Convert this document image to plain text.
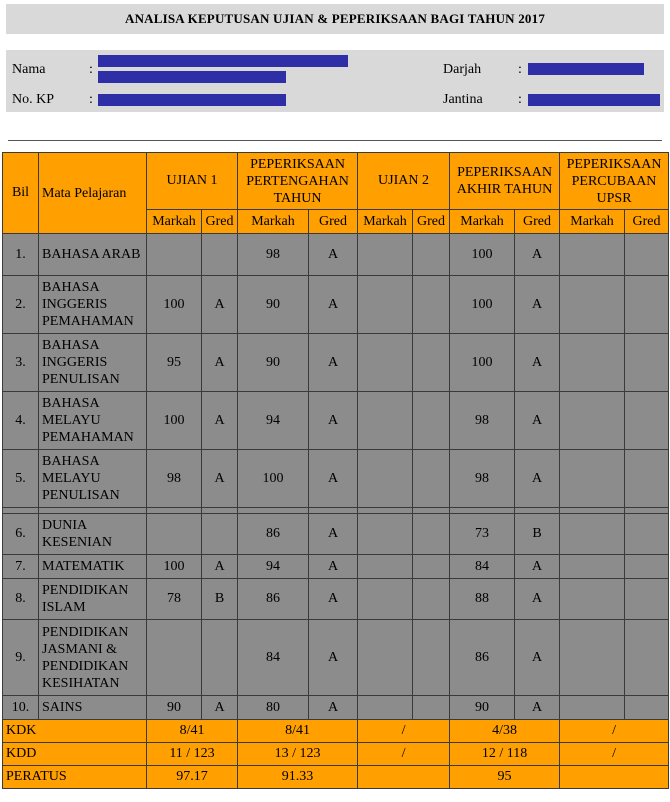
ANALISA KEPUTUSAN UJIAN & PEPERIKSAAN BAGI TAHUN 2017
Nama	:
No. KP :
Darjah	:
Jantina	:
Bil	Mata Pelajaran	UJIAN 1		PEPERIKSAAN PERTENGAHAN TAHUN		UJIAN 2		PEPERIKSAAN AKHIR TAHUN		PEPERIKSAAN PERCUBAAN UPSR	
		Markah	Gred	Markah	Gred	Markah	Gred	Markah	Gred	Markah	Gred
1.	BAHASA ARAB			98	A			100	A		
2.	BAHASA INGGERIS PEMAHAMAN	100	A	90	A			100	A		
3.	BAHASA INGGERIS PENULISAN	95	A	90	A			100	A		
4.	BAHASA MELAYU PEMAHAMAN	100	A	94	A			98	A		
5.	BAHASA MELAYU PENULISAN	98	A	100	A			98	A		

6.	DUNIA KESENIAN			86	A			73	B		
7.	MATEMATIK	100	A	94	A			84	A		
8.	PENDIDIKAN ISLAM	78	B	86	A			88	A		
9.	PENDIDIKAN JASMANI & PENDIDIKAN KESIHATAN			84	A			86	A		
10.	SAINS	90	A	80	A			90	A		
KDK		8/41		8/41		/		4/38		/	
KDD		11 / 123		13 / 123		/		12 / 118		/	
PERATUS		97.17		91.33				95			
